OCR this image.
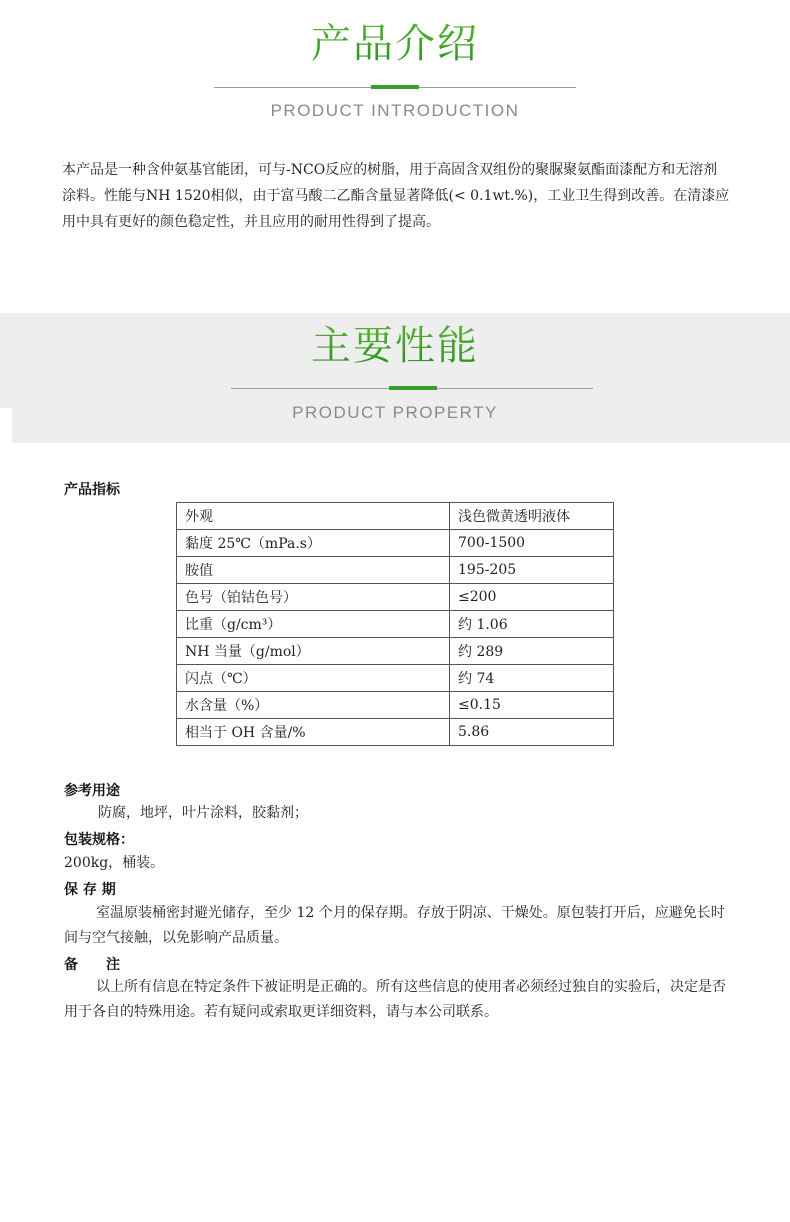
产品介绍
PRODUCT INTRODUCTION
本产品是一种含仲氨基官能团，可与-NCO反应的树脂，用于高固含双组份的聚脲聚氨酯面漆配方和无溶剂涂料。性能与NH 1520相似，由于富马酸二乙酯含量显著降低(< 0.1wt.%)，工业卫生得到改善。在清漆应用中具有更好的颜色稳定性，并且应用的耐用性得到了提高。
主要性能
PRODUCT PROPERTY
产品指标
外观	浅色微黄透明液体
黏度 25℃（mPa.s）	700-1500
胺值	195-205
色号（铂钴色号）	≤200
比重（g/cm³）	约 1.06
NH 当量（g/mol）	约 289
闪点（℃）	约 74
水含量（%）	≤0.15
相当于 OH 含量/%	5.86
参考用途
防腐，地坪，叶片涂料，胶黏剂；
包装规格：
200kg，桶装。
保 存 期
室温原装桶密封避光储存，至少 12 个月的保存期。存放于阴凉、干燥处。原包装打开后，应避免长时间与空气接触，以免影响产品质量。
备　　注
以上所有信息在特定条件下被证明是正确的。所有这些信息的使用者必须经过独自的实验后，决定是否用于各自的特殊用途。若有疑问或索取更详细资料，请与本公司联系。
